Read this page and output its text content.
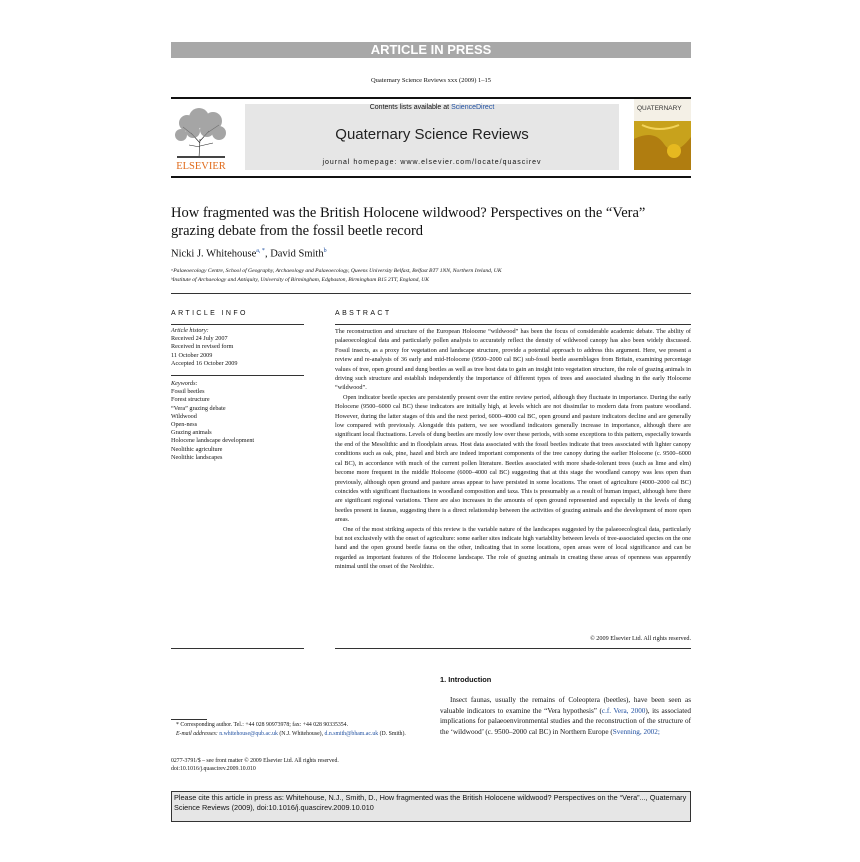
ARTICLE IN PRESS
Quaternary Science Reviews xxx (2009) 1–15
ELSEVIER
Contents lists available at ScienceDirect
Quaternary Science Reviews
journal homepage: www.elsevier.com/locate/quascirev
QUATERNARY
How fragmented was the British Holocene wildwood? Perspectives on the “Vera” grazing debate from the fossil beetle record
Nicki J. Whitehouse$^{a, *}$, David Smith$^b$
ᵃPalaeoecology Centre, School of Geography, Archaeology and Palaeoecology, Queens University Belfast, Belfast BT7 1NN, Northern Ireland, UK
ᵇInstitute of Archaeology and Antiquity, University of Birmingham, Edgbaston, Birmingham B15 2TT, England, UK
ARTICLE INFO
Article history:
Received 24 July 2007
Received in revised form
11 October 2009
Accepted 16 October 2009
Keywords:
Fossil beetles
Forest structure
“Vera” grazing debate
Wildwood
Open-ness
Grazing animals
Holocene landscape development
Neolithic agriculture
Neolithic landscapes
ABSTRACT

The reconstruction and structure of the European Holocene “wildwood” has been the focus of considerable academic debate. The ability of palaeoecological data and particularly pollen analysis to accurately reflect the density of wildwood canopy has also been widely discussed. Fossil insects, as a proxy for vegetation and landscape structure, provide a potential approach to address this argument. Here, we present a review and re-analysis of 36 early and mid-Holocene (9500–2000 cal BC) sub-fossil beetle assemblages from Britain, examining percentage values of tree, open ground and dung beetles as well as tree host data to gain an insight into vegetation structure, the role of grazing animals in driving such structure and establish independently the importance of different types of trees and associated shading in the early Holocene “wildwood”.

Open indicator beetle species are persistently present over the entire review period, although they fluctuate in importance. During the early Holocene (9500–6000 cal BC) these indicators are initially high, at levels which are not dissimilar to modern data from pasture woodland. However, during the latter stages of this and the next period, 6000–4000 cal BC, open ground and pasture indicators decline and are generally low compared with previously. Alongside this pattern, we see woodland indicators generally increase in importance, although there are significant local fluctuations. Levels of dung beetles are mostly low over these periods, with some exceptions to this pattern, especially towards the end of the Mesolithic and in floodplain areas. Host data associated with the fossil beetles indicate that trees associated with lighter canopy conditions such as oak, pine, hazel and birch are indeed important components of the tree canopy during the earlier Holocene (c. 9500–6000 cal BC), in accordance with much of the current pollen literature. Beetles associated with more shade-tolerant trees (such as lime and elm) become more frequent in the middle Holocene (6000–4000 cal BC) suggesting that at this stage the woodland canopy was less open than previously, although open ground and pasture areas appear to have persisted in some locations. The onset of agriculture (4000–2000 cal BC) coincides with significant fluctuations in woodland composition and taxa. This is presumably as a result of human impact, although here there are significant regional variations. There are also increases in the amounts of open ground represented and especially in the levels of dung beetles present in faunas, suggesting there is a direct relationship between the activities of grazing animals and the development of more open areas.

One of the most striking aspects of this review is the variable nature of the landscapes suggested by the palaeoecological data, particularly but not exclusively with the onset of agriculture: some earlier sites indicate high variability between levels of tree-associated species on the one hand and the open ground beetle fauna on the other, indicating that in some locations, open areas were of local significance and can be regarded as important features of the Holocene landscape. The role of grazing animals in creating these areas of openness was apparently minimal until the onset of the Neolithic.

© 2009 Elsevier Ltd. All rights reserved.
1. Introduction
Insect faunas, usually the remains of Coleoptera (beetles), have been seen as valuable indicators to examine the “Vera hypothesis” (c.f. Vera, 2000), its associated implications for palaeoenvironmental studies and the reconstruction of the structure of the ‘wildwood’ (c. 9500–2000 cal BC) in Northern Europe (Svenning, 2002;
* Corresponding author. Tel.: +44 028 90973978; fax: +44 028 90335354.
E-mail addresses: n.whitehouse@qub.ac.uk (N.J. Whitehouse), d.n.smith@bham.ac.uk (D. Smith).
0277-3791/$ – see front matter © 2009 Elsevier Ltd. All rights reserved.
doi:10.1016/j.quascirev.2009.10.010
Please cite this article in press as: Whitehouse, N.J., Smith, D., How fragmented was the British Holocene wildwood? Perspectives on the “Vera”..., Quaternary Science Reviews (2009), doi:10.1016/j.quascirev.2009.10.010
